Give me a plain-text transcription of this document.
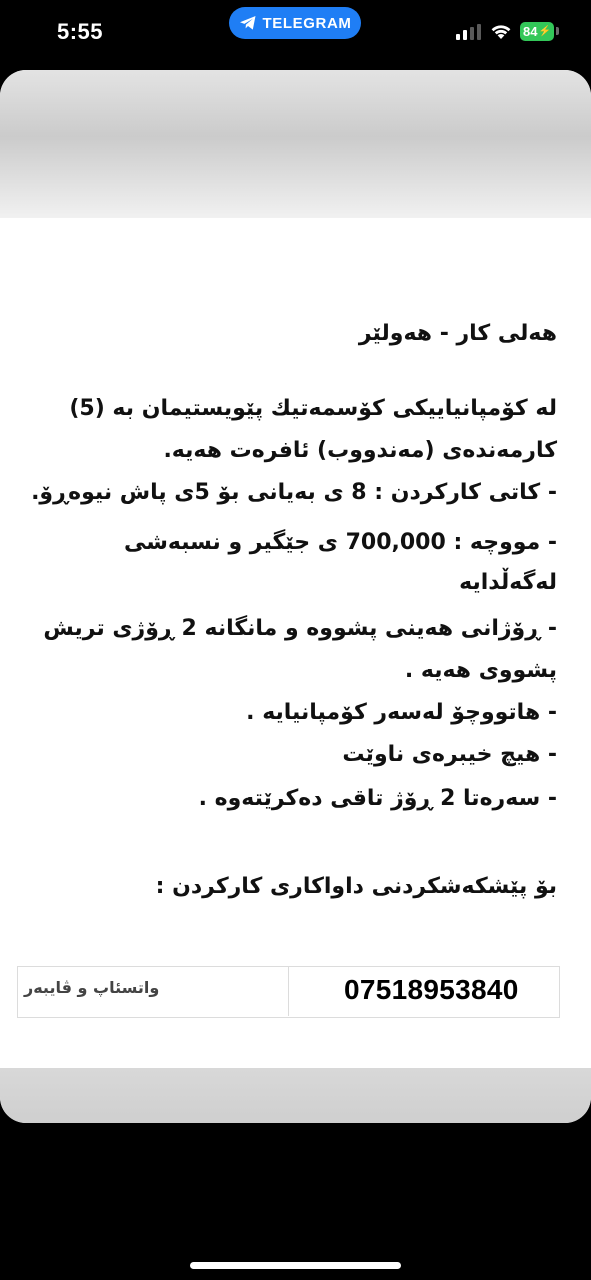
5:55	TELEGRAM	84 ⚡
هەلی کار - هەولێر
لە کۆمپانیاییکی کۆسمەتیك پێویستیمان بە (5)
کارمەندەی (مەندووب) ئافرەت هەیە.
- کاتی کارکردن : 8 ی بەیانی بۆ 5ی پاش نیوەڕۆ.
- مووچە : 700,000 ی جێگیر و نسبەشی
لەگەڵدایە
- ڕۆژانی هەینی پشووە و مانگانە 2 ڕۆژی تریش
پشووی هەیە .
- هاتووچۆ لەسەر کۆمپانیایە .
- هیچ خیبرەی ناوێت
- سەرەتا 2 ڕۆژ تاقی دەکرێتەوە .
بۆ پێشکەشکردنی داواکاری کارکردن :
07518953840
واتسئاپ و ڤایبەر
